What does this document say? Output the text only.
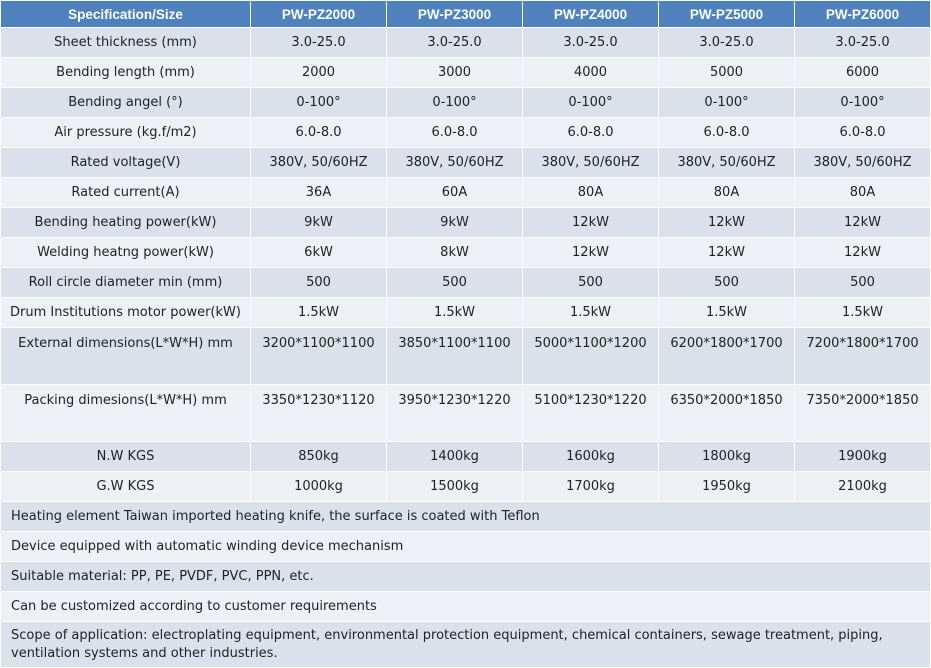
Specification/Size	PW-PZ2000	PW-PZ3000	PW-PZ4000	PW-PZ5000	PW-PZ6000
Sheet thickness (mm)	3.0-25.0	3.0-25.0	3.0-25.0	3.0-25.0	3.0-25.0
Bending length (mm)	2000	3000	4000	5000	6000
Bending angel (°)	0-100°	0-100°	0-100°	0-100°	0-100°
Air pressure (kg.f/m2)	6.0-8.0	6.0-8.0	6.0-8.0	6.0-8.0	6.0-8.0
Rated voltage(V)	380V, 50/60HZ	380V, 50/60HZ	380V, 50/60HZ	380V, 50/60HZ	380V, 50/60HZ
Rated current(A)	36A	60A	80A	80A	80A
Bending heating power(kW)	9kW	9kW	12kW	12kW	12kW
Welding heatng power(kW)	6kW	8kW	12kW	12kW	12kW
Roll circle diameter min (mm)	500	500	500	500	500
Drum Institutions motor power(kW)	1.5kW	1.5kW	1.5kW	1.5kW	1.5kW
External dimensions(L*W*H) mm	3200*1100*1100	3850*1100*1100	5000*1100*1200	6200*1800*1700	7200*1800*1700
Packing dimesions(L*W*H) mm	3350*1230*1120	3950*1230*1220	5100*1230*1220	6350*2000*1850	7350*2000*1850
N.W KGS	850kg	1400kg	1600kg	1800kg	1900kg
G.W KGS	1000kg	1500kg	1700kg	1950kg	2100kg
Heating element Taiwan imported heating knife, the surface is coated with Teflon					
Device equipped with automatic winding device mechanism					
Suitable material: PP, PE, PVDF, PVC, PPN, etc.					
Can be customized according to customer requirements					
Scope of application: electroplating equipment, environmental protection equipment, chemical containers, sewage treatment, piping, ventilation systems and other industries.					
